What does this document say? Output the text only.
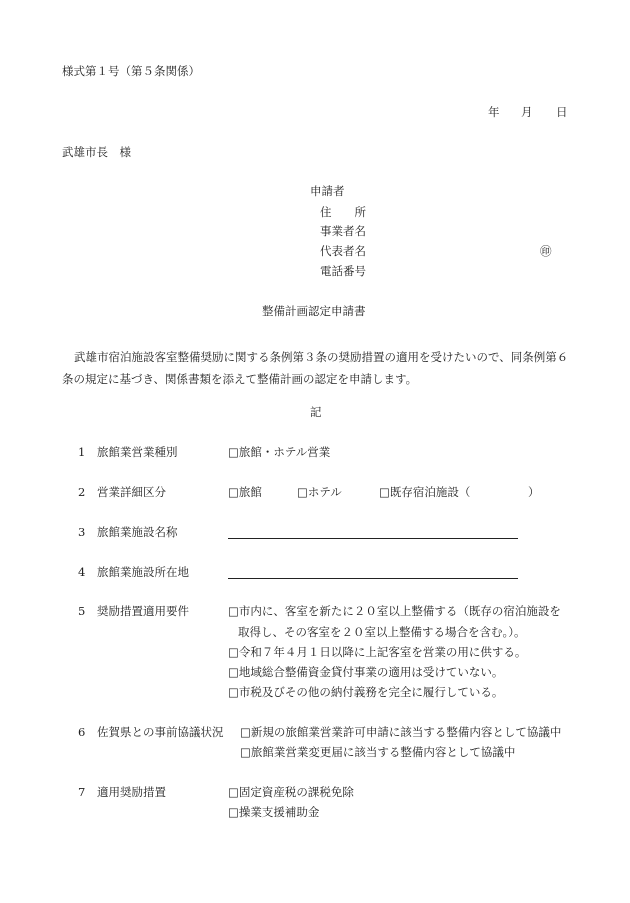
様式第１号（第５条関係）
年 月 日
武雄市長　様
申請者
住　　所
事業者名
代表者名	㊞
電話番号
整備計画認定申請書
武雄市宿泊施設客室整備奨励に関する条例第３条の奨励措置の適用を受けたいので、同条例第６条の規定に基づき、関係書類を添えて整備計画の認定を申請します。
記
1 旅館業営業種別	□旅館・ホテル営業
2 営業詳細区分	□旅館	□ホテル	□既存宿泊施設（	）
3 旅館業施設名称
4 旅館業施設所在地
5 奨励措置適用要件	□市内に、客室を新たに２０室以上整備する（既存の宿泊施設を
取得し、その客室を２０室以上整備する場合を含む。）。
□令和７年４月１日以降に上記客室を営業の用に供する。
□地域総合整備資金貸付事業の適用は受けていない。
□市税及びその他の納付義務を完全に履行している。
6 佐賀県との事前協議状況 □新規の旅館業営業許可申請に該当する整備内容として協議中
□旅館業営業変更届に該当する整備内容として協議中
7 適用奨励措置	□固定資産税の課税免除
□操業支援補助金
